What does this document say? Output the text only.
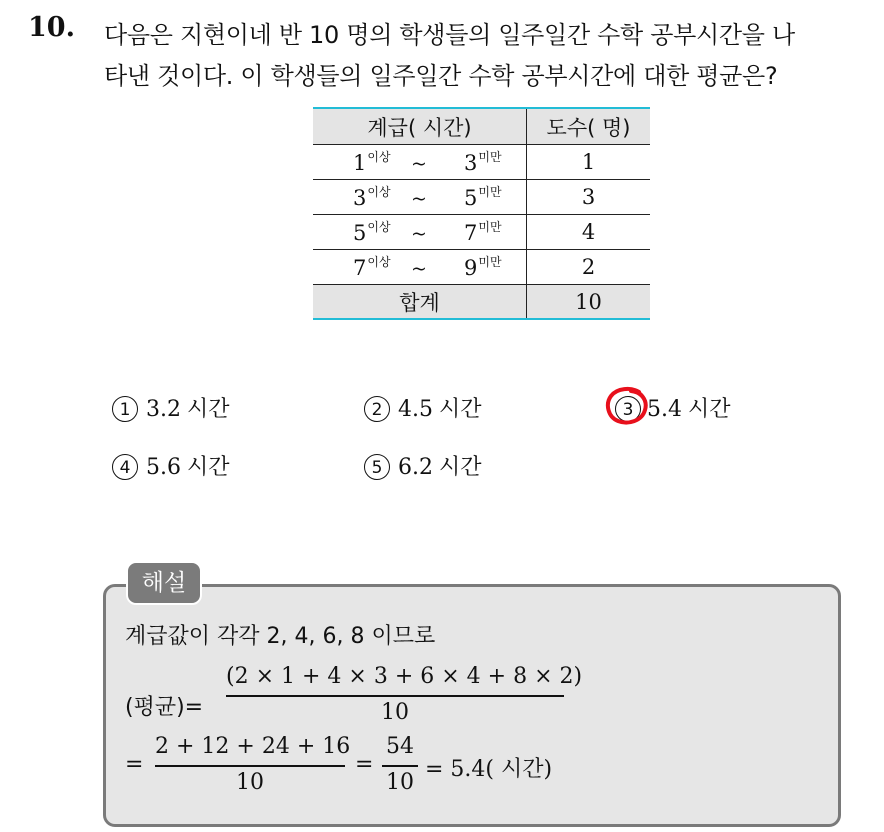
10. 다음은 지현이네 반 10 명의 학생들의 일주일간 수학 공부시간을 나
타낸 것이다. 이 학생들의 일주일간 수학 공부시간에 대한 평균은?
계급( 시간)	도수( 명)
$1^{이상}$ ~ $3^{미만}$	1
$3^{이상}$ ~ $5^{미만}$	3
$5^{이상}$ ~ $7^{미만}$	4
$7^{이상}$ ~ $9^{미만}$	2
합계	10
1 3.2 시간	2 4.5 시간	3 5.4 시간
4 5.6 시간	5 6.2 시간
해설
계급값이 각각 2, 4, 6, 8 이므로
(평균)=
(2 × 1 + 4 × 3 + 6 × 4 + 8 × 2)
10
=
2 + 12 + 24 + 16
10
=
54
10
= 5.4( 시간)
